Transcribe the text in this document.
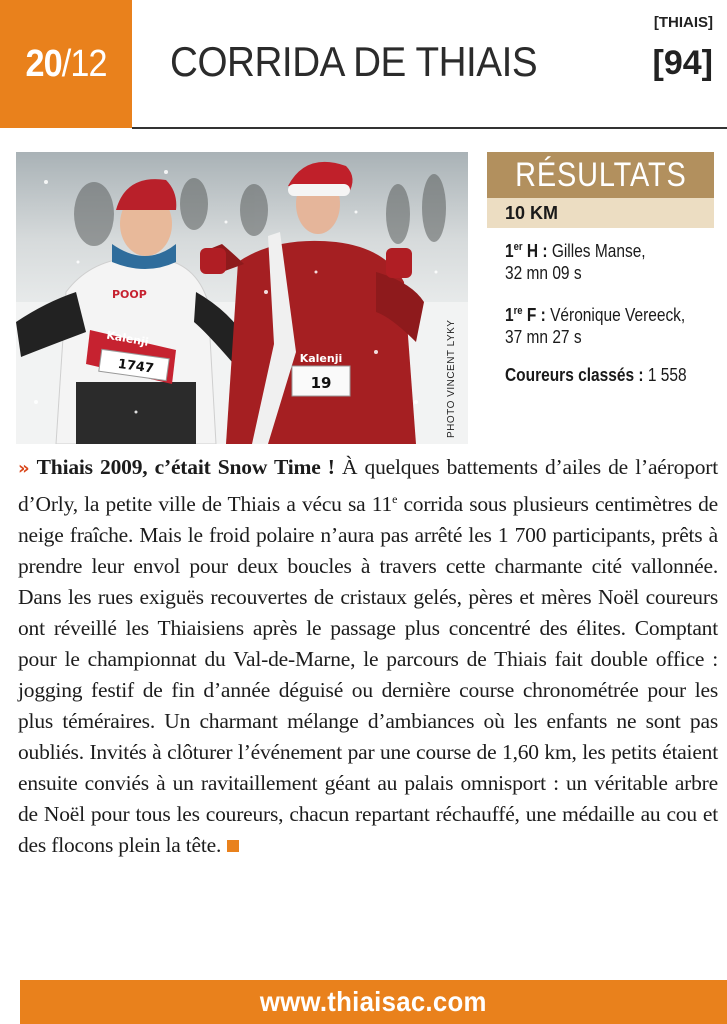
20/12 CORRIDA DE THIAIS
[THIAIS]
[94]
1747
POOP
Kalenji
19
Kalenji	PHOTO VINCENT LYKY
RÉSULTATS
10 KM
1er H : Gilles Manse,
32 mn 09 s
1re F : Véronique Vereeck,
37 mn 27 s
Coureurs classés : 1 558

» Thiais 2009, c’était Snow Time ! À quelques battements d’ailes de l’aéroport d’Orly, la petite ville de Thiais a vécu sa 11e corrida sous plusieurs centimètres de neige fraîche. Mais le froid polaire n’aura pas arrêté les 1 700 participants, prêts à prendre leur envol pour deux boucles à travers cette charmante cité vallonnée. Dans les rues exiguës recouvertes de cristaux gelés, pères et mères Noël coureurs ont réveillé les Thiaisiens après le passage plus concentré des élites. Comptant pour le championnat du Val-de-Marne, le parcours de Thiais fait double office : jogging festif de fin d’année déguisé ou dernière course chronométrée pour les plus téméraires. Un charmant mélange d’ambiances où les enfants ne sont pas oubliés. Invités à clôturer l’événement par une course de 1,60 km, les petits étaient ensuite conviés à un ravitaillement géant au palais omnisport : un véritable arbre de Noël pour tous les coureurs, chacun repartant réchauffé, une médaille au cou et des flocons plein la tête.

www.thiaisac.com
